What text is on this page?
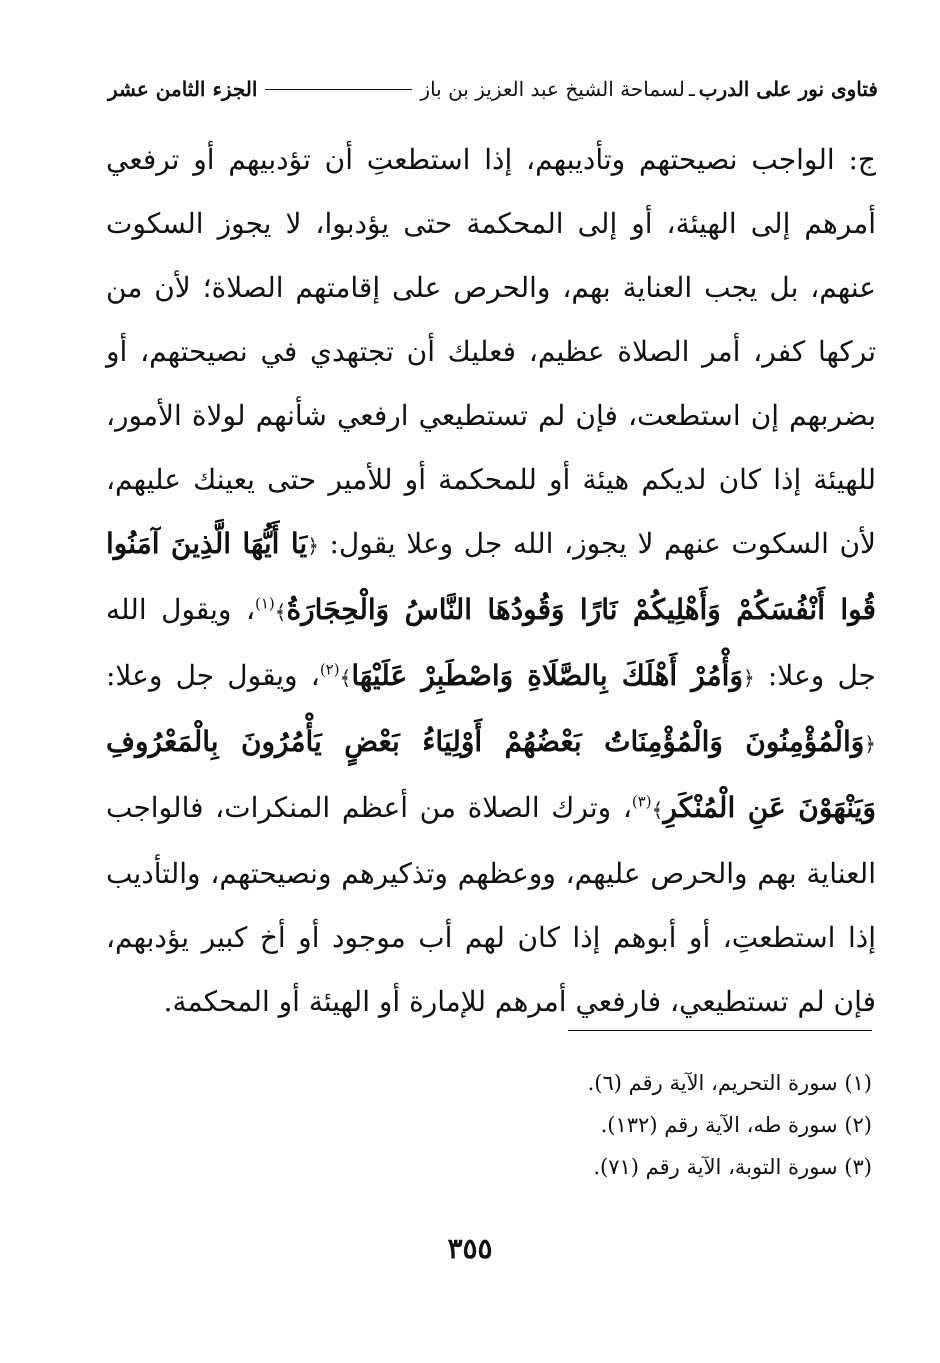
فتاوى نور على الدرب
ـ
لسماحة الشيخ عبد العزيز بن باز
الجزء الثامن عشر

ج: الواجب نصيحتهم وتأديبهم، إذا استطعتِ أن تؤدبيهم أو ترفعي أمرهم إلى الهيئة، أو إلى المحكمة حتى يؤدبوا، لا يجوز السكوت عنهم، بل يجب العناية بهم، والحرص على إقامتهم الصلاة؛ لأن من تركها كفر، أمر الصلاة عظيم، فعليك أن تجتهدي في نصيحتهم، أو بضربهم إن استطعت، فإن لم تستطيعي ارفعي شأنهم لولاة الأمور، للهيئة إذا كان لديكم هيئة أو للمحكمة أو للأمير حتى يعينك عليهم، لأن السكوت عنهم لا يجوز، الله جل وعلا يقول: ﴿يَا أَيُّهَا الَّذِينَ آمَنُوا قُوا أَنْفُسَكُمْ وَأَهْلِيكُمْ نَارًا وَقُودُهَا النَّاسُ وَالْحِجَارَةُ﴾$^{(١)}$، ويقول الله جل وعلا: ﴿وَأْمُرْ أَهْلَكَ بِالصَّلَاةِ وَاصْطَبِرْ عَلَيْهَا﴾$^{(٢)}$، ويقول جل وعلا: ﴿وَالْمُؤْمِنُونَ وَالْمُؤْمِنَاتُ بَعْضُهُمْ أَوْلِيَاءُ بَعْضٍ يَأْمُرُونَ بِالْمَعْرُوفِ وَيَنْهَوْنَ عَنِ الْمُنْكَرِ﴾$^{(٣)}$، وترك الصلاة من أعظم المنكرات، فالواجب العناية بهم والحرص عليهم، ووعظهم وتذكيرهم ونصيحتهم، والتأديب إذا استطعتِ، أو أبوهم إذا كان لهم أب موجود أو أخ كبير يؤدبهم، فإن لم تستطيعي، فارفعي أمرهم للإمارة أو الهيئة أو المحكمة.

(١) سورة التحريم، الآية رقم (٦).
(٢) سورة طه، الآية رقم (١٣٢).
(٣) سورة التوبة، الآية رقم (٧١).
٣٥٥
